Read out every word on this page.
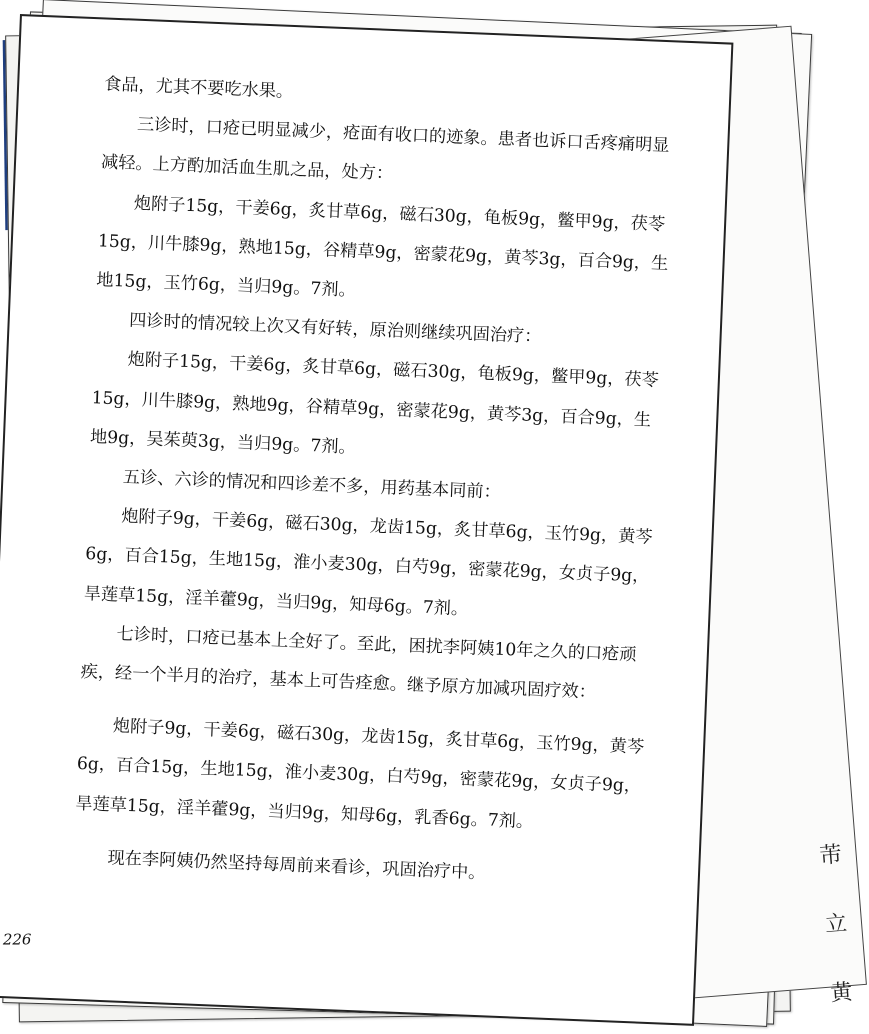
芾
立
黄

食品，尤其不要吃水果。

三诊时，口疮已明显减少，疮面有收口的迹象。患者也诉口舌疼痛明显减轻。上方酌加活血生肌之品，处方：

炮附子15g，干姜6g，炙甘草6g，磁石30g，龟板9g，鳖甲9g，茯苓15g，川牛膝9g，熟地15g，谷精草9g，密蒙花9g，黄芩3g，百合9g，生地15g，玉竹6g，当归9g。7剂。

四诊时的情况较上次又有好转，原治则继续巩固治疗：

炮附子15g，干姜6g，炙甘草6g，磁石30g，龟板9g，鳖甲9g，茯苓15g，川牛膝9g，熟地9g，谷精草9g，密蒙花9g，黄芩3g，百合9g，生地9g，吴茱萸3g，当归9g。7剂。

五诊、六诊的情况和四诊差不多，用药基本同前：

炮附子9g，干姜6g，磁石30g，龙齿15g，炙甘草6g，玉竹9g，黄芩6g，百合15g，生地15g，淮小麦30g，白芍9g，密蒙花9g，女贞子9g，旱莲草15g，淫羊藿9g，当归9g，知母6g。7剂。

七诊时，口疮已基本上全好了。至此，困扰李阿姨10年之久的口疮顽疾，经一个半月的治疗，基本上可告痊愈。继予原方加减巩固疗效：

炮附子9g，干姜6g，磁石30g，龙齿15g，炙甘草6g，玉竹9g，黄芩6g，百合15g，生地15g，淮小麦30g，白芍9g，密蒙花9g，女贞子9g，旱莲草15g，淫羊藿9g，当归9g，知母6g，乳香6g。7剂。

现在李阿姨仍然坚持每周前来看诊，巩固治疗中。

226
